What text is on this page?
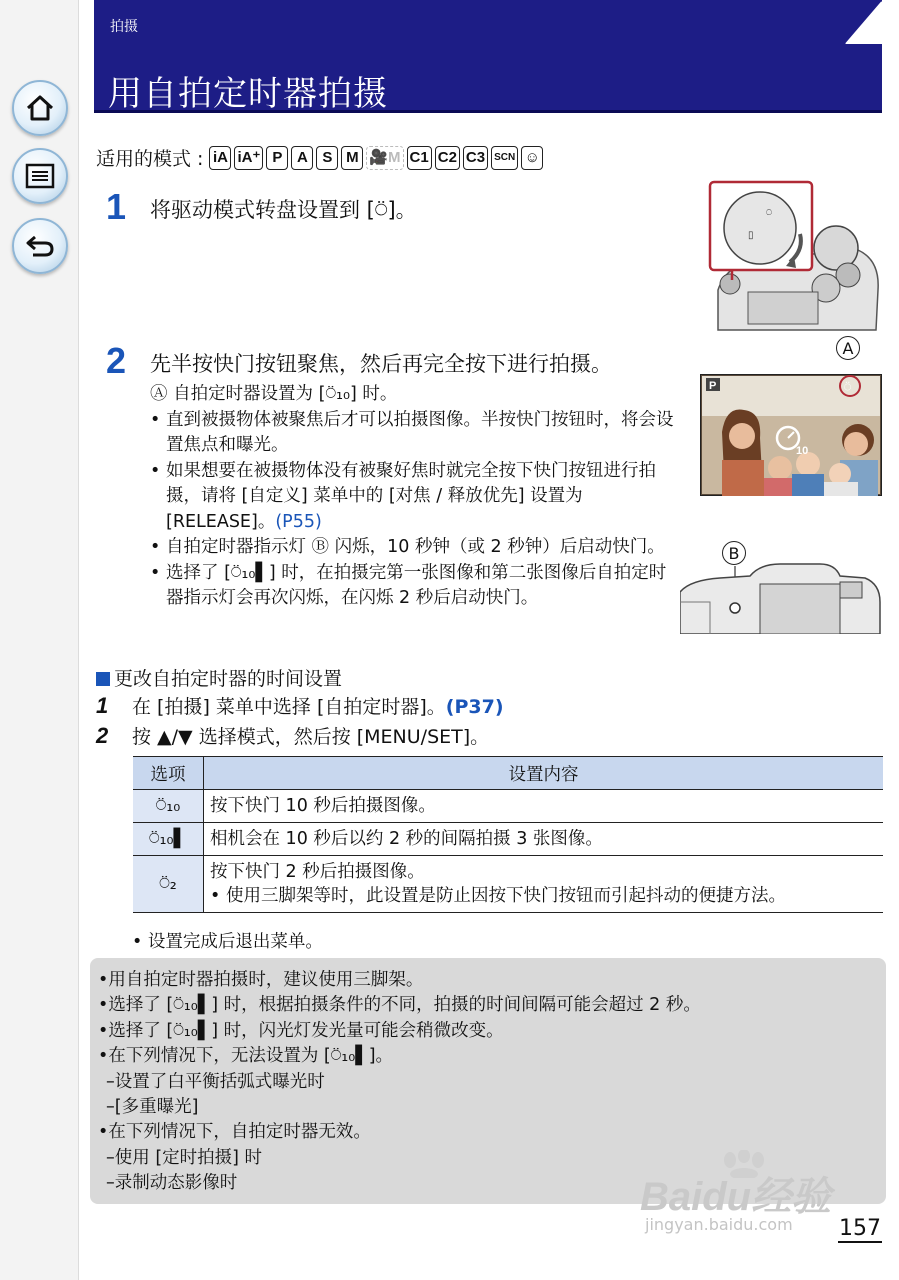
拍摄
用自拍定时器拍摄
适用的模式 : iA iA⁺ P A S M 🎥M C1 C2 C3 SCN ☺
1 将驱动模式转盘设置到 [⍥]。	⍥
▯
2 先半按快门按钮聚焦，然后再完全按下进行拍摄。
Ⓐ 自拍定时器设置为 [⍥₁₀] 时。
• 直到被摄物体被聚焦后才可以拍摄图像。半按快门按钮时，将会设置焦点和曝光。
• 如果想要在被摄物体没有被聚好焦时就完全按下快门按钮进行拍摄，请将 [自定义] 菜单中的 [对焦 / 释放优先] 设置为 [RELEASE]。(P55)
• 自拍定时器指示灯 Ⓑ 闪烁，10 秒钟（或 2 秒钟）后启动快门。
• 选择了 [⍥₁₀▌] 时，在拍摄完第一张图像和第二张图像后自拍定时器指示灯会再次闪烁，在闪烁 2 秒后启动快门。
A
P	⍥
10
B
更改自拍定时器的时间设置
1 在 [拍摄] 菜单中选择 [自拍定时器]。(P37)
2 按 ▲/▼ 选择模式，然后按 [MENU/SET]。
选项	设置内容
⍥₁₀	按下快门 10 秒后拍摄图像。
⍥₁₀▌	相机会在 10 秒后以约 2 秒的间隔拍摄 3 张图像。
⍥₂	按下快门 2 秒后拍摄图像。
• 使用三脚架等时，此设置是防止因按下快门按钮而引起抖动的便捷方法。
• 设置完成后退出菜单。
•用自拍定时器拍摄时，建议使用三脚架。
•选择了 [⍥₁₀▌] 时，根据拍摄条件的不同，拍摄的时间间隔可能会超过 2 秒。
•选择了 [⍥₁₀▌] 时，闪光灯发光量可能会稍微改变。
•在下列情况下，无法设置为 [⍥₁₀▌]。
–设置了白平衡括弧式曝光时
–[多重曝光]
•在下列情况下，自拍定时器无效。
–使用 [定时拍摄] 时
–录制动态影像时	Baidu经验
jingyan.baidu.com 157
